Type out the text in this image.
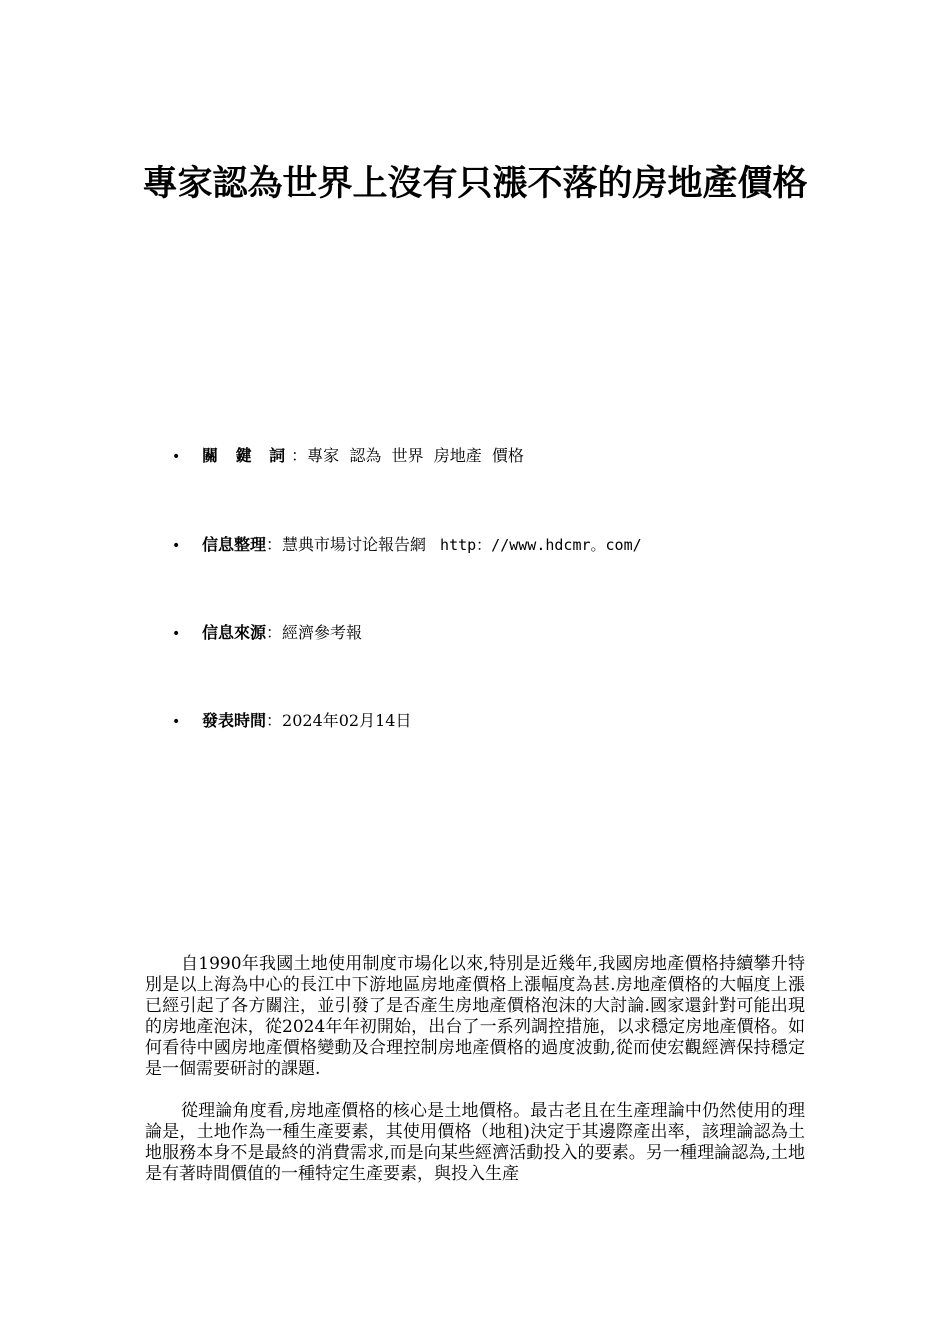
專家認為世界上沒有只漲不落的房地產價格
• 關 鍵 詞：專家  認為  世界  房地產  價格
• 信息整理：慧典市場讨论報告網 http：//www.hdcmr。com/
• 信息來源：經濟參考報
• 發表時間：2024年02月14日

自1990年我國土地使用制度市場化以來,特別是近幾年,我國房地產價格持續攀升特別是以上海為中心的長江中下游地區房地產價格上漲幅度為甚.房地產價格的大幅度上漲已經引起了各方關注，並引發了是否產生房地產價格泡沫的大討論.國家還針對可能出現的房地產泡沫，從2024年年初開始，出台了一系列調控措施，以求穩定房地產價格。如何看待中國房地產價格變動及合理控制房地產價格的過度波動,從而使宏觀經濟保持穩定是一個需要研討的課題.

從理論角度看,房地產價格的核心是土地價格。最古老且在生產理論中仍然使用的理論是，土地作為一種生產要素，其使用價格（地租)決定于其邊際產出率，該理論認為土地服務本身不是最終的消費需求,而是向某些經濟活動投入的要素。另一種理論認為,土地是有著時間價值的一種特定生產要素，與投入生產
